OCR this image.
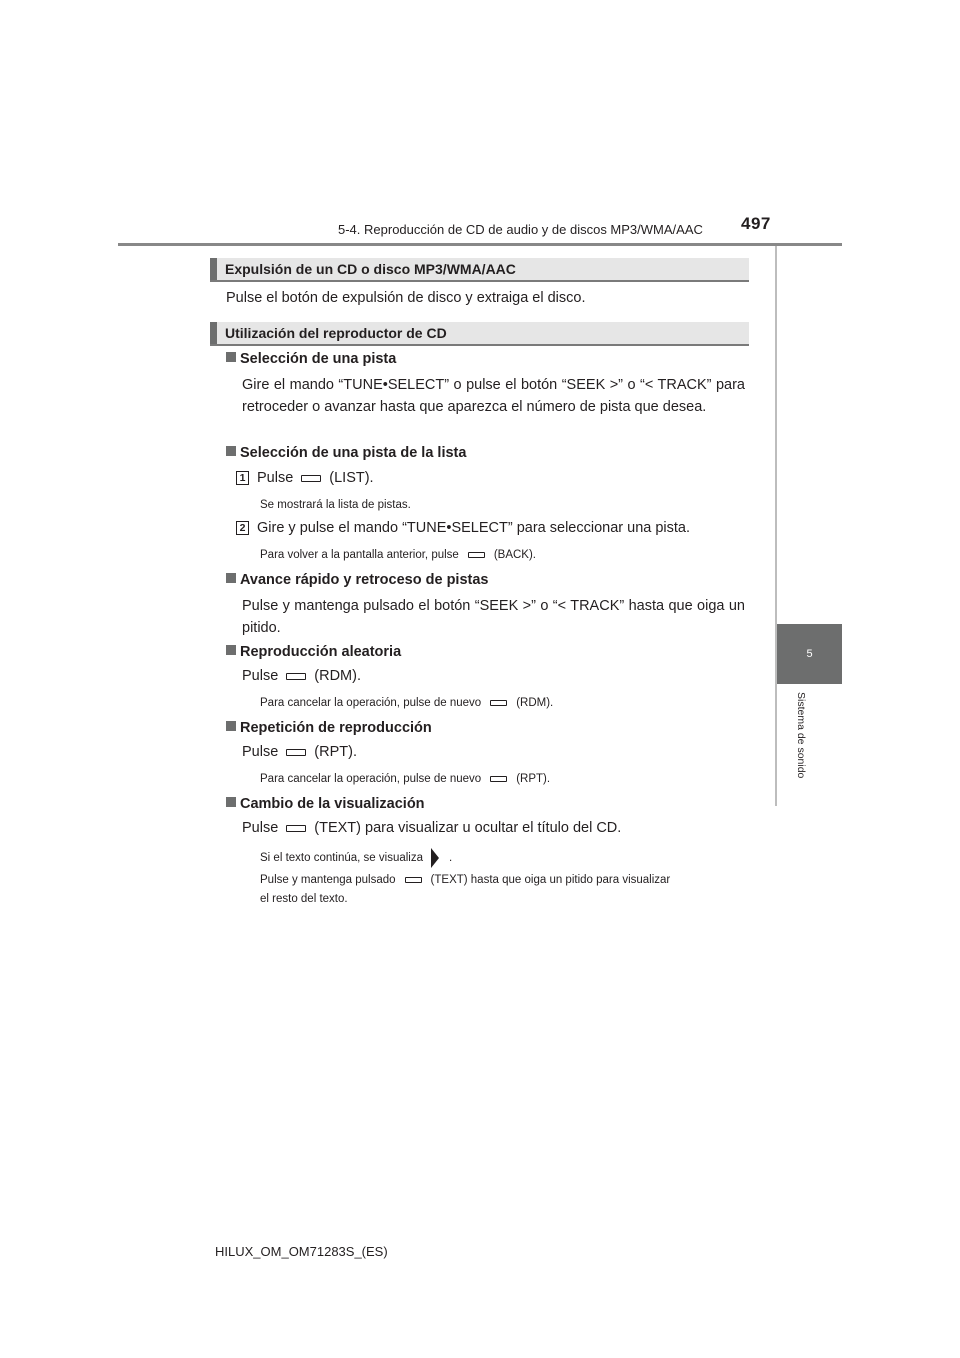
5-4. Reproducción de CD de audio y de discos MP3/WMA/AAC 497
5
Sistema de sonido
Expulsión de un CD o disco MP3/WMA/AAC
Pulse el botón de expulsión de disco y extraiga el disco.
Utilización del reproductor de CD
Selección de una pista
Gire el mando “TUNE•SELECT” o pulse el botón “SEEK >” o “< TRACK” para retroceder o avanzar hasta que aparezca el número de pista que desea.
Selección de una pista de la lista
1 Pulse (LIST).
Se mostrará la lista de pistas.
2 Gire y pulse el mando “TUNE•SELECT” para seleccionar una pista.
Para volver a la pantalla anterior, pulse	(BACK).
Avance rápido y retroceso de pistas
Pulse y mantenga pulsado el botón “SEEK >” o “< TRACK” hasta que oiga un pitido.
Reproducción aleatoria
Pulse (RDM).
Para cancelar la operación, pulse de nuevo	(RDM).
Repetición de reproducción
Pulse (RPT).
Para cancelar la operación, pulse de nuevo	(RPT).
Cambio de la visualización
Pulse (TEXT) para visualizar u ocultar el título del CD.
Si el texto continúa, se visualiza .
Pulse y mantenga pulsado	(TEXT) hasta que oiga un pitido para visualizar
el resto del texto.
HILUX_OM_OM71283S_(ES)
